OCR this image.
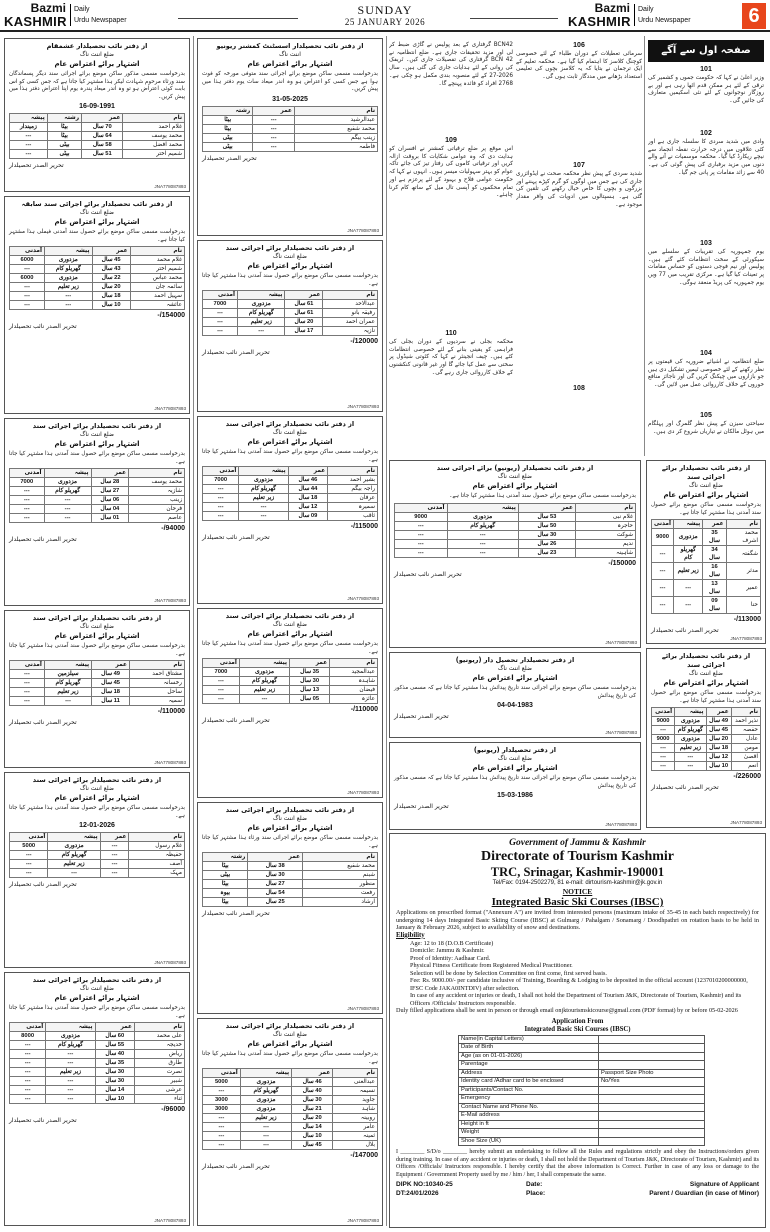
Bazmi
KASHMIR
Daily
Urdu Newspaper
SUNDAY
25 JANUARY 2026
Bazmi
KASHMIR
Daily
Urdu Newspaper	6
از دفتر نائب تحصیلدار عشمقام
ضلع اننت ناگ
اشتہار برائے اعتراض عام
بدرخواست مسمی مذکور ساکن موضع برائے اجرائی سند دیگر پسماندگان سند ورثاء مرحوم شہادت لیکر ہذا مشتہر کیا جاتا ہے کہ جس کسی کو اس بابت کوئی اعتراض ہو تو وہ اندر میعاد پندرہ یوم اپنا اعتراض دفتر ہذا میں پیش کریں۔
16-09-1991
نام	عمر	رشتہ	پیشہ
غلام احمد	70 سال	بیٹا	زمیندار
محمد یوسف	64 سال	بیٹا	---
محمد افضل	58 سال	بیٹی	---
شمیم اختر	51 سال	بیٹی	---
تحریر الصدر تحصیلدار
JNA778087893
از دفتر نائب تحصیلدار اسسٹنٹ کمشنر ریونیو
اننت ناگ
اشتہار برائے اعتراض عام
بدرخواست مسمی ساکن موضع برائے اجرائی سند متوفی مورخہ کو فوت ہوا ہے جس کسی کو اعتراض ہو وہ اندر میعاد سات یوم دفتر ہذا میں پیش کریں۔
31-05-2025
نام	عمر	رشتہ
عبدالرشید	---	بیٹا
محمد شفیع	---	بیٹا
زینب بیگم	---	بیٹی
فاطمہ	---	بیٹی
تحریر الصدر تحصیلدار
JNA778087893
از دفتر نائب تحصیلدار برائے اجرائی سند سابقہ
ضلع اننت ناگ
اشتہار برائے اعتراض عام
بدرخواست مسمی ساکن موضع برائے حصول سند آمدنی فیملی ہذا مشتہر کیا جاتا ہے۔
نام	عمر	پیشہ	آمدنی
غلام محمد	45 سال	مزدوری	6000
شمیم اختر	43 سال	گھریلو کام	---
محمد عباس	22 سال	مزدوری	6000
سائمہ جان	20 سال	زیر تعلیم	---
سہیل احمد	18 سال	---	---
عائشہ	10 سال	---	---
154000/-
تحریر الصدر نائب تحصیلدار
JNA778087893
از دفتر نائب تحصیلدار برائے اجرائی سند
ضلع اننت ناگ
اشتہار برائے اعتراض عام
بدرخواست مسمی ساکن موضع برائے حصول سند آمدنی ہذا مشتہر کیا جاتا ہے۔
نام	عمر	پیشہ	آمدنی
عبدالاحد	61 سال	مزدوری	7000
رفیقہ بانو	61 سال	گھریلو کام	---
عمران احمد	20 سال	زیر تعلیم	---
نازیہ	17 سال	---	---
120000/-
تحریر الصدر نائب تحصیلدار
JNA778087893
از دفتر نائب تحصیلدار برائے اجرائی سند
ضلع اننت ناگ
اشتہار برائے اعتراض عام
بدرخواست مسمی ساکن موضع برائے حصول سند آمدنی ہذا مشتہر کیا جاتا ہے۔
نام	عمر	پیشہ	آمدنی
محمد یوسف	28 سال	مزدوری	7000
شازیہ	27 سال	گھریلو کام	---
زینب	06 سال	---	---
فرحان	04 سال	---	---
عاصم	01 سال	---	---
94000/-
تحریر الصدر نائب تحصیلدار
JNA778087893
از دفتر نائب تحصیلدار برائے اجرائی سند
ضلع اننت ناگ
اشتہار برائے اعتراض عام
بدرخواست مسمی ساکن موضع برائے حصول سند آمدنی ہذا مشتہر کیا جاتا ہے۔
نام	عمر	پیشہ	آمدنی
بشیر احمد	46 سال	مزدوری	7000
راجہ بیگم	44 سال	گھریلو کام	---
عرفان	18 سال	زیر تعلیم	---
سمیرہ	12 سال	---	---
ثاقب	09 سال	---	---
115000/-
تحریر الصدر نائب تحصیلدار
JNA778087893
از دفتر نائب تحصیلدار برائے اجرائی سند
ضلع اننت ناگ
اشتہار برائے اعتراض عام
بدرخواست مسمی ساکن موضع برائے حصول سند آمدنی ہذا مشتہر کیا جاتا ہے۔
نام	عمر	پیشہ	آمدنی
مشتاق احمد	49 سال	سیلزمین	---
رخسانہ	45 سال	گھریلو کام	---
ساحل	18 سال	زیر تعلیم	---
سمیہ	11 سال	---	---
110000/-
تحریر الصدر نائب تحصیلدار
JNA778087893
از دفتر نائب تحصیلدار برائے اجرائی سند
ضلع اننت ناگ
اشتہار برائے اعتراض عام
بدرخواست مسمی ساکن موضع برائے حصول سند آمدنی ہذا مشتہر کیا جاتا ہے۔
نام	عمر	پیشہ	آمدنی
عبدالمجید	35 سال	مزدوری	7000
شاہدہ	30 سال	گھریلو کام	---
فیضان	13 سال	زیر تعلیم	---
عائزہ	05 سال	---	---
110000/-
تحریر الصدر نائب تحصیلدار
JNA778087893
از دفتر نائب تحصیلدار برائے اجرائی سند
ضلع اننت ناگ
اشتہار برائے اعتراض عام
بدرخواست مسمی ساکن موضع برائے حصول سند آمدنی ہذا مشتہر کیا جاتا ہے۔
12-01-2026
نام	عمر	پیشہ	آمدنی
غلام رسول	---	مزدوری	5000
حفیظہ	---	گھریلو کام	---
آصف	---	زیر تعلیم	---
مہک	---	---	---
تحریر الصدر نائب تحصیلدار
JNA778087893
از دفتر نائب تحصیلدار برائے اجرائی سند
ضلع اننت ناگ
اشتہار برائے اعتراض عام
بدرخواست مسمی ساکن موضع برائے اجرائی سند ورثاء ہذا مشتہر کیا جاتا ہے۔
نام	عمر	رشتہ
محمد شفیع	38 سال	بیٹا
شبنم	30 سال	بیٹی
منظور	27 سال	بیٹا
رفعت	54 سال	بیوہ
ارشاد	25 سال	بیٹا
تحریر الصدر نائب تحصیلدار
JNA778087893
از دفتر نائب تحصیلدار برائے اجرائی سند
ضلع اننت ناگ
اشتہار برائے اعتراض عام
بدرخواست مسمی ساکن موضع برائے حصول سند آمدنی ہذا مشتہر کیا جاتا ہے۔
نام	عمر	پیشہ	آمدنی
علی محمد	60 سال	مزدوری	8000
خدیجہ	55 سال	گھریلو کام	---
ریاض	40 سال	---	---
طارق	35 سال	---	---
نصرت	30 سال	زیر تعلیم	---
شبیر	30 سال	---	---
عرشی	14 سال	---	---
ثناء	10 سال	---	---
96000/-
تحریر الصدر نائب تحصیلدار
JNA778087893
از دفتر نائب تحصیلدار برائے اجرائی سند
ضلع اننت ناگ
اشتہار برائے اعتراض عام
بدرخواست مسمی ساکن موضع برائے حصول سند آمدنی ہذا مشتہر کیا جاتا ہے۔
نام	عمر	پیشہ	آمدنی
عبدالغنی	46 سال	مزدوری	5000
نسیمہ	40 سال	گھریلو کام	---
جاوید	30 سال	مزدوری	3000
شاہد	21 سال	مزدوری	3000
روبینہ	20 سال	زیر تعلیم	---
عامر	14 سال	---	---
ثمینہ	10 سال	---	---
بلال	45 سال	---	---
147000/-
تحریر الصدر نائب تحصیلدار
JNA778087893
از دفتر نائب تحصیلدار (ریونیو) برائے اجرائی سند
ضلع اننت ناگ
اشتہار برائے اعتراض عام
بدرخواست مسمی ساکن موضع برائے حصول سند آمدنی ہذا مشتہر کیا جاتا ہے۔
نام	عمر	پیشہ	آمدنی
غلام نبی	53 سال	مزدوری	9000
حاجرہ	50 سال	گھریلو کام	---
شوکت	30 سال	---	---
ندیم	26 سال	---	---
شاہینہ	23 سال	---	---
150000/-
تحریر الصدر نائب تحصیلدار
JNA778087893
از دفتر تحصیلدار تحصیل دار (ریونیو)
ضلع اننت ناگ
اشتہار برائے اعتراض عام
بدرخواست مسمی ساکن موضع برائے اجرائی سند تاریخ پیدائش ہذا مشتہر کیا جاتا ہے کہ مسمی مذکور کی تاریخ پیدائش
04-04-1983
تحریر الصدر تحصیلدار
JNA778087893
از دفتر تحصیلدار (ریونیو)
ضلع اننت ناگ
اشتہار برائے اعتراض عام
بدرخواست مسمی ساکن موضع برائے اجرائی سند تاریخ پیدائش ہذا مشتہر کیا جاتا ہے کہ مسمی مذکور کی تاریخ پیدائش
15-03-1986
تحریر الصدر تحصیلدار
JNA778087893
از دفتر نائب تحصیلدار برائے اجرائی سند
ضلع اننت ناگ
اشتہار برائے اعتراض عام
بدرخواست مسمی ساکن موضع برائے حصول سند آمدنی ہذا مشتہر کیا جاتا ہے۔
نام	عمر	پیشہ	آمدنی
محمد اشرف	35 سال	مزدوری	9000
شگفتہ	34 سال	گھریلو کام	---
مدثر	16 سال	زیر تعلیم	---
عمیر	13 سال	---	---
حنا	09 سال	---	---
113000/-
تحریر الصدر نائب تحصیلدار
JNA778087893
از دفتر نائب تحصیلدار برائے اجرائی سند
ضلع اننت ناگ
اشتہار برائے اعتراض عام
بدرخواست مسمی ساکن موضع برائے حصول سند آمدنی ہذا مشتہر کیا جاتا ہے۔
نام	عمر	پیشہ	آمدنی
نذیر احمد	49 سال	مزدوری	9000
حفصہ	45 سال	گھریلو کام	---
عادل	20 سال	مزدوری	9000
مومن	18 سال	زیر تعلیم	---
اقصیٰ	12 سال	---	---
انعم	10 سال	---	---
226000/-
تحریر الصدر نائب تحصیلدار
JNA778087893

BCN42 گرفتاری کے بعد پولیس نے گاڑی ضبط کر لی اور مزید تحقیقات جاری ہے۔ ضلع انتظامیہ نے BCN 42 گرفتاری کی تفصیلات جاری کیں۔ ٹریفک کی روانی کے لئے ہدایات جاری کی گئی ہیں۔ سال 2026-27 کے لئے منصوبہ بندی مکمل ہو چکی ہے۔ 2768 افراد کو فائدہ پہنچے گا۔

109

اس موقع پر ضلع ترقیاتی کمشنر نے افسران کو ہدایت دی کہ وہ عوامی شکایات کا بروقت ازالہ کریں اور ترقیاتی کاموں کی رفتار تیز کی جائے تاکہ عوام کو بہتر سہولیات میسر ہوں۔ انہوں نے کہا کہ حکومت عوامی فلاح و بہبود کے لئے پرعزم ہے اور تمام محکموں کو آپسی تال میل کے ساتھ کام کرنا چاہئے۔

110

محکمہ بجلی نے سردیوں کے دوران بجلی کی فراہمی کو یقینی بنانے کے لئے خصوصی انتظامات کئے ہیں۔ چیف انجینئر نے کہا کہ کٹوتی شیڈول پر سختی سے عمل کیا جائے گا اور غیر قانونی کنکشنوں کے خلاف کارروائی جاری رہے گی۔

106

سرمائی تعطیلات کے دوران طلباء کے لئے خصوصی کوچنگ کلاسز کا اہتمام کیا گیا ہے۔ محکمہ تعلیم کے ایک ترجمان نے بتایا کہ یہ کلاسز بچوں کی تعلیمی استعداد بڑھانے میں مددگار ثابت ہوں گی۔

107

شدید سردی کے پیش نظر محکمہ صحت نے ایڈوائزری جاری کی ہے جس میں لوگوں کو گرم کپڑے پہننے اور بزرگوں و بچوں کا خاص خیال رکھنے کی تلقین کی گئی ہے۔ ہسپتالوں میں ادویات کی وافر مقدار موجود ہے۔

108

صفحہ اول سے آگے
101

وزیر اعلیٰ نے کہا کہ حکومت جموں و کشمیر کی ترقی کے لئے ہر ممکن قدم اٹھا رہی ہے اور بے روزگار نوجوانوں کے لئے نئی اسکیمیں متعارف کی جائیں گی۔

102

وادی میں شدید سردی کا سلسلہ جاری ہے اور کئی علاقوں میں درجہ حرارت نقطہ انجماد سے نیچے ریکارڈ کیا گیا۔ محکمہ موسمیات نے آنے والے دنوں میں مزید برفباری کی پیش گوئی کی ہے۔ 40 سے زائد مقامات پر پانی جم گیا۔

103

یوم جمہوریہ کی تقریبات کے سلسلے میں سیکورٹی کے سخت انتظامات کئے گئے ہیں۔ پولیس اور نیم فوجی دستوں کو حساس مقامات پر تعینات کیا گیا ہے۔ مرکزی تقریب میں 77 ویں یوم جمہوریہ کی پریڈ منعقد ہوگی۔

104

ضلع انتظامیہ نے اشیائے ضروریہ کی قیمتوں پر نظر رکھنے کے لئے خصوصی ٹیمیں تشکیل دی ہیں جو بازاروں میں چیکنگ کریں گی اور ناجائز منافع خوروں کے خلاف کارروائی عمل میں لائیں گی۔

105

سیاحتی سیزن کے پیش نظر گلمرگ اور پہلگام میں ہوٹل مالکان نے تیاریاں شروع کر دی ہیں۔

Government of Jammu & Kashmir
Directorate of Tourism Kashmir
TRC, Srinagar, Kashmir-190001
Tel/Fax: 0194-2502279, 81 e-mail: dirtourism-kashmir@jk.gov.in
NOTICE
Integrated Basic Ski Courses (IBSC)
Applications on prescribed format ("Annexure A") are invited from interested persons (maximum intake of 35-45 in each batch respectively) for undergoing 14 days Integrated Basic Skiing Course (IBSC) at Gulmarg / Pahalgam / Sonamarg / Doodhpathri on rotation basis to be held in January & February 2026, subject to availability of snow and destinations.
Eligibility
Age: 12 to 18 (D.O.B Certificate)
Domicile: Jammu & Kashmir.
Proof of Identity: Aadhaar Card.
Physical Fitness Certificate from Registered Medical Practitioner.
Selection will be done by Selection Committee on first come, first served basis.
Fee: Rs. 9000.00/- per candidate inclusive of Training, Boarding & Lodging to be deposited in the official account (1237010200000000, IFSC Code JAKA0INTDIV) after selection.
In case of any accident or injuries or death, I shall not hold the Department of Tourism J&K, Directorate of Tourism, Kashmir) and its Officers /Officials/ Instructors responsible.
Duly filled applications shall be sent in person or through email onjktourismskicourse@gmail.com (PDF format) by or before 05-02-2026
Application From
Integrated Basic Ski Courses (IBSC)
Name(in Capital Letters)	
Date of Birth	
Age (as on 01-01-2026)	
Parentage	
Address	Passport Size Photo
Identity card /Adhar card to be enclosed	No/Yes
Participants/Contact No.	
Emergency	
Contact Name and Phone No.	
E-Mail address	
Height in ft	
Weight	
Shoe Size (UK)	
I ________ S/D/o ________ hereby submit an undertaking to follow all the Rules and regulations strictly and obey the Instructions/orders given during training. In case of any accident or injuries or death, I shall not hold the Department of Tourism J&K, Directorate of Tourism, Kashmir) and its Officers /Officials/ Instructors responsible. I hereby certify that the above information is Correct. Further in case of any loss or damage to the Equipment / Government Property used by me / him / her, I shall compensate the same.
DIPK NO:10340-25
DT:24/01/2026
Date:
Place:
Signature of Applicant
Parent / Guardian (in case of Minor)
